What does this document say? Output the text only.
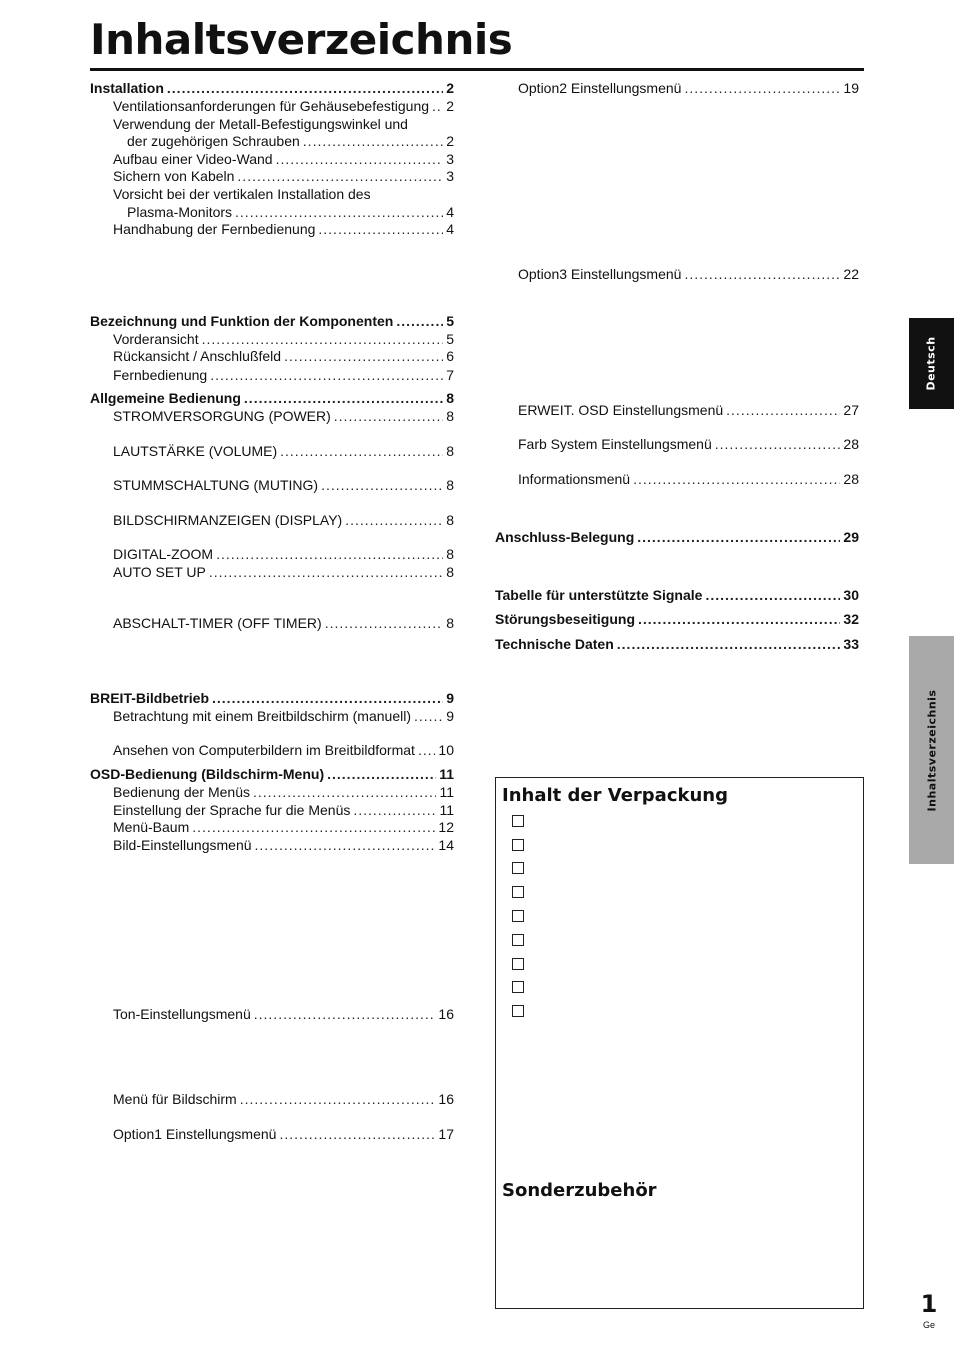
Inhaltsverzeichnis
Installation .....	2
Ventilationsanforderungen für Gehäusebefestigung ..... 2
Verwendung der Metall-Befestigungswinkel und
der zugehörigen Schrauben .....	2
Aufbau einer Video-Wand .....	3
Sichern von Kabeln .....	3
Vorsicht bei der vertikalen Installation des
Plasma-Monitors .....	4
Handhabung der Fernbedienung .....	4
Bezeichnung und Funktion der Komponenten .....	5
Vorderansicht .....	5
Rückansicht / Anschlußfeld .....	6
Fernbedienung .....	7
Allgemeine Bedienung .....	8
STROMVERSORGUNG (POWER) .....	8
LAUTSTÄRKE (VOLUME) .....	8
STUMMSCHALTUNG (MUTING) .....	8
BILDSCHIRMANZEIGEN (DISPLAY) .....	8
DIGITAL-ZOOM .....	8
AUTO SET UP .....	8
ABSCHALT-TIMER (OFF TIMER) .....	8
BREIT-Bildbetrieb .....	9
Betrachtung mit einem Breitbildschirm (manuell) .....	9
Ansehen von Computerbildern im Breitbildformat ..... 10
OSD-Bedienung (Bildschirm-Menu) .....	11
Bedienung der Menüs .....	11
Einstellung der Sprache fur die Menüs .....	11
Menü-Baum .....	12
Bild-Einstellungsmenü .....	14
Ton-Einstellungsmenü .....	16
Menü für Bildschirm .....	16
Option1 Einstellungsmenü .....	17
Option2 Einstellungsmenü .....	19
Option3 Einstellungsmenü .....	22
ERWEIT. OSD Einstellungsmenü .....	27
Farb System Einstellungsmenü .....	28
Informationsmenü .....	28
Anschluss-Belegung .....	29
Tabelle für unterstützte Signale .....	30
Störungsbeseitigung .....	32
Technische Daten .....	33
Inhalt der Verpackung
Sonderzubehör
Deutsch
Inhaltsverzeichnis
1
Ge
